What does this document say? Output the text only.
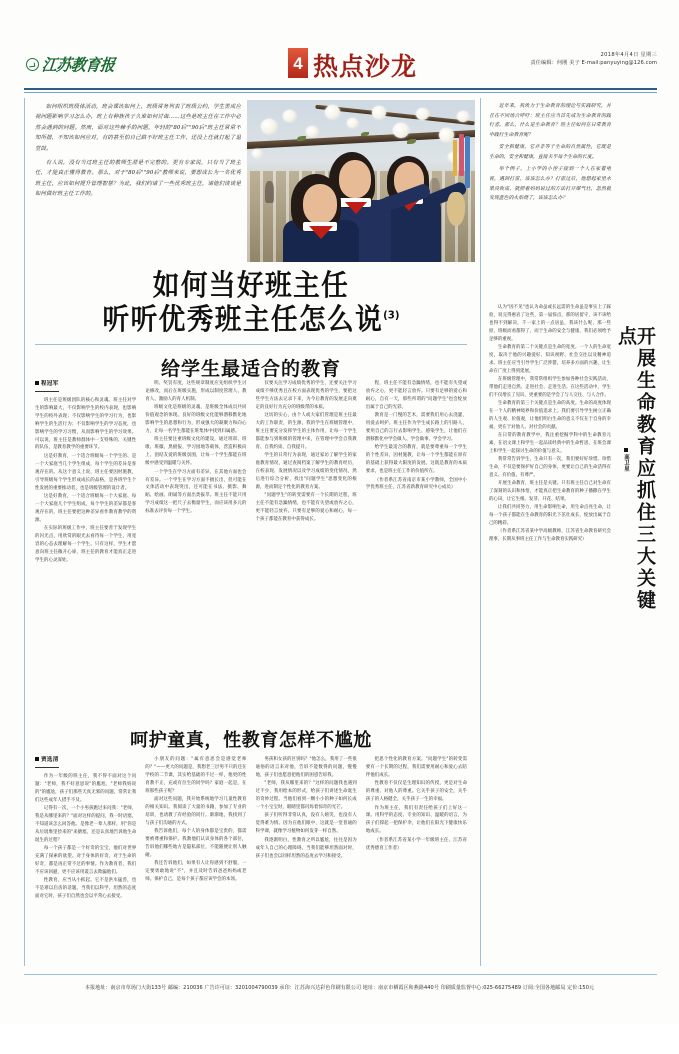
江苏教育报	4 热点沙龙	2018年4月4日 星期三
责任编辑：何刚 美子 E-mail:panyuying@126.com

如何组织班级体活动，班会课该如何上，班级常务列表了班级公约，学生罢成应视问题影响学习怎么办，班上有种族孩子久谁如何讨诲……这些是班主任在工作中必然会遇到的问题。然而，面对这些棘手的问题，年轻的"80后""90后"班主任常常不知所措，不知该如何应对，有的甚至怕自己做不好班主任工作，还没上任就打起了退堂鼓。

有人说，没有当过班主任的教师生涯是不完整的。更有专家说，只有当了班主任，才能真正懂得教育。那么，对于"80后""90后"教师来说，要想成长为一名优秀班主任，应该如何提升管理智慧？为此，我们约请了一些优秀班主任，请他们谈谈是如何做好班主任工作的。

如何当好班主任
听听优秀班主任怎么说$^{(3)}$
给学生最适合的教育
程冠军

班主任是班级团队的核心和灵魂。班主任对学生的影响最大，不仅影响学生的校内表现，也影响学生的校外表现；不仅影响学生的学习行为，也影响学生的生活行为；不仅影响学生的学习态度，也影响学生的学习习惯，从而影响学生的学习效果。可以说，班主任是教师群体中一支特殊的、关键性的队伍，是教育教学的重要环节。

这是好教育，一个适合班级每一个学生的、是一个大家庭当几个学生组成，每个学生的差异是客观存在的。从这个意义上说，班主任要因材施教，引导班级每个学生形成成长的品格，是各班学生个性发展的重要推动者，也是班级管理的设计者。

这是好教育，一个适合班级每一个大家庭、每一个大家庭几个学生组成，每个学生的差异都是客观存在的，班主任要把这种差异看作教育教学的资源。

在实际的班级工作中，班主任要善于发现学生的闪光点，用欣赏的眼光去看待每一个学生，用宽容的心态去理解每一个学生。只有这样，学生才愿意向班主任敞开心扉，班主任的教育才能真正走进学生的心灵深处。

明、奖罚有度，这些规章制度应先组织学生讨论修改，而后在班级实施，形成以制度管理人、教育人、激励人的育人机制。

班级文化是班级的灵魂，是班级全体成员共同价值观念的体现。良好的班级文化能够潜移默化地影响学生的思想和行为，形成强大的凝聚力和向心力，让每一名学生都能在班集体中找到归属感。

班主任要注重班级文化的建设，通过班训、班歌、班徽、黑板报、学习园地等载体，营造积极向上、团结友爱的班级氛围，让每一个学生都能在班级中感受到温暖与关怀。

一个学生在学习方面有差异，在其他方面也会有差异。一个学生在学习方面不擅长出，但可能在文体活动中表现突出，还可能在书法、摄影、舞蹈、绘画、朗诵等方面出类拔萃。班主任不能只用学习成绩这一把尺子去衡量学生，而应该用多元的标准去评价每一个学生。

仅要关注学习成绩优秀的学生，还要关注学习成绩不够优秀且在校方面表现优秀的学生，要把这些学生方法去记录下来，为今后教育的发展走向奠定的良好行为充分的班级带的本质。

这切的实心，由个人或大家们管理是班主任最大的工作职责，的生源，我的学生在班级管理中，班主任要充分发挥学生的主体作用，让每一个学生都能参与到班级的管理中来，在管理中学会自我教育、自我约束、自我提升。

学生的日常行为表现，通过家访了解学生的家庭教育情况，通过查阅档案了解学生的教育经历，在校表现、发展情况以及学习成绩的变化情况，然后进行综合分析，找出"问题学生"思想变化的根源，进而制定个性化的教育方案。

"问题学生"的转变需要有一个长期的过程，班主任不能有急躁情绪，也不能有失望或放弃之心，更不能轻言放弃。只要有足够的爱心和耐心，每一个孩子都能在教育中获得成长。

程，班主任不能有急躁情绪，也不能有失望或放弃之心，更不能轻言放弃。只要有足够的爱心和耐心，自有一天，那些所谓的"问题学生"也会绽放出属于自己的光彩。

教育是一门慢的艺术，需要我们用心去浇灌，用爱去呵护。班主任作为学生成长路上的引路人，要用自己的言行去影响学生、感染学生，让他们在潜移默化中学会做人、学会做事、学会学习。

给学生最适合的教育，就是要尊重每一个学生的个性差异，因材施教，让每一个学生都能在原有的基础上获得最大限度的发展。这既是教育的本质要求，也是班主任工作的价值所在。

（作者系江苏省南京市某小学教师，全国中小学优秀班主任，江苏省新教育研究中心成员）

呵护童真，性教育怎样不尴尬
贾选清

作为一年级的班主任，我不得不面对这个问题："老师，我不好意思说"的尴尬，"老师我妈说的"的尴尬，孩子们那些天真无邪的问题，常常让我们这些成年人措手不及。

记得有一次，一个小男孩跑过来问我："老师，我是从哪里来的？"面对这样的提问，我一时语塞，不知道该怎么回答他。是像老一辈人那样，用"你是从垃圾堆里捡来的"来搪塞，还是认真地告诉他生命诞生的过程？

每一个孩子都是一个好奇的宝宝，他们对世界充满了探索的欲望。对于身体的好奇，对于生命的好奇，都是再正常不过的事情。作为教育者，我们不应该回避，更不应该用谎言去欺骗他们。

性教育，应当从小抓起。它不是洪水猛兽，也不是难以启齿的话题。当我们以科学、坦然的态度面对它时，孩子们自然也会以平常心去接受。

小朋友的问题："属有意思会是感觉老师的？"——更大的问题是，我想老三层男不只的还在学校的二节课，其实给基础的不过一样，他更的性育教不正，充或有位生的同学吗？家庭一起是，在班那些孩子呢？

面对这些问题，我开始系统地学习儿童性教育的相关知识。我阅读了大量的书籍，参加了专业的培训，也请教了有经验的同行。渐渐地，我找到了与孩子们沟通的方式。

我告诉他们，每个人的身体都是宝贵的，都需要被尊重和保护。我教他们认识身体的各个部位，告诉他们哪些地方是隐私部位，不能随便让别人触碰。

我还告诉他们，如果有人让你感到不舒服，一定要勇敢地说"不"，并且及时告诉爸爸妈妈或老师。保护自己，是每个孩子都应该学会的本领。

男孩和女孩的区别吗？"他怎么，我用了一些很通俗的语言来对他，告诉不能数得的问题，慢慢地，孩子们也愿意把他们的困惑告诉我。

"老师，我从哪里来的？"这样的问题我也遇到过不少，我用绘本的形式，给孩子们讲述生命诞生的奇妙过程。当他们看到一颗小小的种子如何长成一个小宝宝时，眼睛里都闪烁着惊奇的光芒。

孩子们听得非常认真，没有人嬉笑，也没有人觉得难为情。因为在他们眼中，这就是一堂普通的科学课，就像学习植物如何发芽一样自然。

我逐渐明白，性教育之所以尴尬，往往是因为成年人自己的心理障碍。当我们能够坦然面对时，孩子们也会以同样坦然的态度去学习和接受。

把思个性化的教育方案。"问题学生"的转变需要有一个长期的过程，我们需要用耐心和爱心去陪伴他们成长。

性教育不仅仅是生理知识的传授，更是对生命的尊重、对他人的尊重。它关乎孩子的安全，关乎孩子的人格健全，关乎孩子一生的幸福。

作为班主任，我们有责任给孩子们上好这一课。用科学的态度、专业的知识、温暖的语言，为孩子们撑起一把保护伞，让他们在阳光下健康快乐地成长。

（作者系江苏省某小学一年级班主任，江苏省优秀德育工作者）

近年来，我致力于生命教育的理论与实践研究，并且在不同场合呼吁：班主任应当首先成为生命教育的践行者。那么，什么是生命教育？班主任如何在日常教育中践行生命教育呢？

安全和健康，它并非等于生命的自然属性，它既是生命的，安全和健康，直接关乎每个生命的长度。

举个例子，上小学的小侄子接到一个人在家看电视，遇到打雷，该该怎么办？打雷过后，他想起家里水果没收成，就照着妈妈说过的方法打开煤气灶，忽然就发现蓝色的火焰烧了，该该怎么办？

开展生命教育应抓住三大关键点
高卫星

认为"因不见"也认为命虽或长远需的生命虽是事实上了踩验，说完得惠岩了这些，第一届惊点，那的居留守，该不该给也得不到解决，千一家上的一点居虽，我该什么呢，那一些原，班级而看都得了，而于生命的安全与健康，我们必须给予足够的重视。

生命教育的第二个关键点是生命的宽度。一个人的生命宽度，取决于他的兴趣爱好、知识视野、社会交往以及精神追求。班主任应当引导学生广泛涉猎，培养多方面的兴趣，让生命在广度上得到延展。

在班级管理中，我常常组织学生参加各种社会实践活动，带他们走进自然、走进社会、走进生活。在这些活动中，学生们不仅增长了见识，更重要的是学会了与人交往、与人合作。

生命教育的第三个关键点是生命的高度。生命的高度体现在一个人的精神境界和价值追求上。我们要引导学生树立正确的人生观、价值观，让他们明白生命的意义不仅在于自身的幸福，更在于对他人、对社会的贡献。

在日常的教育教学中，我注重挖掘学科中的生命教育元素，在语文课上和学生一起品读经典中的生命哲思，在班会课上和学生一起探讨生命的价值与意义。

我常常告诉学生，生命只有一次，我们要好好珍惜。珍惜生命，不仅是要保护好自己的身体，更要让自己的生命活得有意义、有价值、有尊严。

开展生命教育，班主任是关键。只有班主任自己对生命有了深刻的认识和体悟，才能真正把生命教育的种子播撒在学生的心田，让它生根、发芽、开花、结果。

让我们共同努力，用生命影响生命，用生命点亮生命，让每一个孩子都能在生命教育的阳光下茁壮成长，绽放出属于自己的精彩。

（作者系江苏省某中学高级教师，江苏省生命教育研究会理事，长期从事班主任工作与生命教育实践研究）

本报地址：南京市草场门大街133号 邮编：210036 广告许可证：3201004790039 承印：江苏海兴达彩色印刷有限公司 地址：南京市栖霞区和燕路440号 印刷质量监督中心:025-66275489 订阅:全国各地邮局 定价:150元
